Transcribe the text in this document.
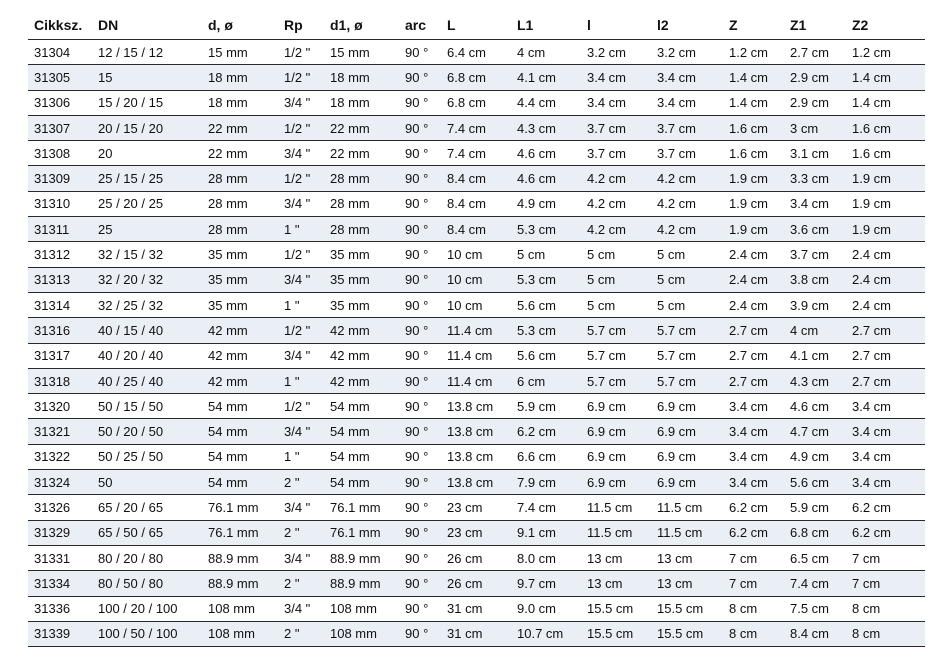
Cikksz.	DN	d, ø	Rp	d1, ø	arc	L	L1	l	l2	Z	Z1	Z2
31304	12 / 15 / 12	15 mm	1/2 "	15 mm	90 °	6.4 cm	4 cm	3.2 cm	3.2 cm	1.2 cm	2.7 cm	1.2 cm
31305	15	18 mm	1/2 "	18 mm	90 °	6.8 cm	4.1 cm	3.4 cm	3.4 cm	1.4 cm	2.9 cm	1.4 cm
31306	15 / 20 / 15	18 mm	3/4 "	18 mm	90 °	6.8 cm	4.4 cm	3.4 cm	3.4 cm	1.4 cm	2.9 cm	1.4 cm
31307	20 / 15 / 20	22 mm	1/2 "	22 mm	90 °	7.4 cm	4.3 cm	3.7 cm	3.7 cm	1.6 cm	3 cm	1.6 cm
31308	20	22 mm	3/4 "	22 mm	90 °	7.4 cm	4.6 cm	3.7 cm	3.7 cm	1.6 cm	3.1 cm	1.6 cm
31309	25 / 15 / 25	28 mm	1/2 "	28 mm	90 °	8.4 cm	4.6 cm	4.2 cm	4.2 cm	1.9 cm	3.3 cm	1.9 cm
31310	25 / 20 / 25	28 mm	3/4 "	28 mm	90 °	8.4 cm	4.9 cm	4.2 cm	4.2 cm	1.9 cm	3.4 cm	1.9 cm
31311	25	28 mm	1 "	28 mm	90 °	8.4 cm	5.3 cm	4.2 cm	4.2 cm	1.9 cm	3.6 cm	1.9 cm
31312	32 / 15 / 32	35 mm	1/2 "	35 mm	90 °	10 cm	5 cm	5 cm	5 cm	2.4 cm	3.7 cm	2.4 cm
31313	32 / 20 / 32	35 mm	3/4 "	35 mm	90 °	10 cm	5.3 cm	5 cm	5 cm	2.4 cm	3.8 cm	2.4 cm
31314	32 / 25 / 32	35 mm	1 "	35 mm	90 °	10 cm	5.6 cm	5 cm	5 cm	2.4 cm	3.9 cm	2.4 cm
31316	40 / 15 / 40	42 mm	1/2 "	42 mm	90 °	11.4 cm	5.3 cm	5.7 cm	5.7 cm	2.7 cm	4 cm	2.7 cm
31317	40 / 20 / 40	42 mm	3/4 "	42 mm	90 °	11.4 cm	5.6 cm	5.7 cm	5.7 cm	2.7 cm	4.1 cm	2.7 cm
31318	40 / 25 / 40	42 mm	1 "	42 mm	90 °	11.4 cm	6 cm	5.7 cm	5.7 cm	2.7 cm	4.3 cm	2.7 cm
31320	50 / 15 / 50	54 mm	1/2 "	54 mm	90 °	13.8 cm	5.9 cm	6.9 cm	6.9 cm	3.4 cm	4.6 cm	3.4 cm
31321	50 / 20 / 50	54 mm	3/4 "	54 mm	90 °	13.8 cm	6.2 cm	6.9 cm	6.9 cm	3.4 cm	4.7 cm	3.4 cm
31322	50 / 25 / 50	54 mm	1 "	54 mm	90 °	13.8 cm	6.6 cm	6.9 cm	6.9 cm	3.4 cm	4.9 cm	3.4 cm
31324	50	54 mm	2 "	54 mm	90 °	13.8 cm	7.9 cm	6.9 cm	6.9 cm	3.4 cm	5.6 cm	3.4 cm
31326	65 / 20 / 65	76.1 mm	3/4 "	76.1 mm	90 °	23 cm	7.4 cm	11.5 cm	11.5 cm	6.2 cm	5.9 cm	6.2 cm
31329	65 / 50 / 65	76.1 mm	2 "	76.1 mm	90 °	23 cm	9.1 cm	11.5 cm	11.5 cm	6.2 cm	6.8 cm	6.2 cm
31331	80 / 20 / 80	88.9 mm	3/4 "	88.9 mm	90 °	26 cm	8.0 cm	13 cm	13 cm	7 cm	6.5 cm	7 cm
31334	80 / 50 / 80	88.9 mm	2 "	88.9 mm	90 °	26 cm	9.7 cm	13 cm	13 cm	7 cm	7.4 cm	7 cm
31336	100 / 20 / 100	108 mm	3/4 "	108 mm	90 °	31 cm	9.0 cm	15.5 cm	15.5 cm	8 cm	7.5 cm	8 cm
31339	100 / 50 / 100	108 mm	2 "	108 mm	90 °	31 cm	10.7 cm	15.5 cm	15.5 cm	8 cm	8.4 cm	8 cm
